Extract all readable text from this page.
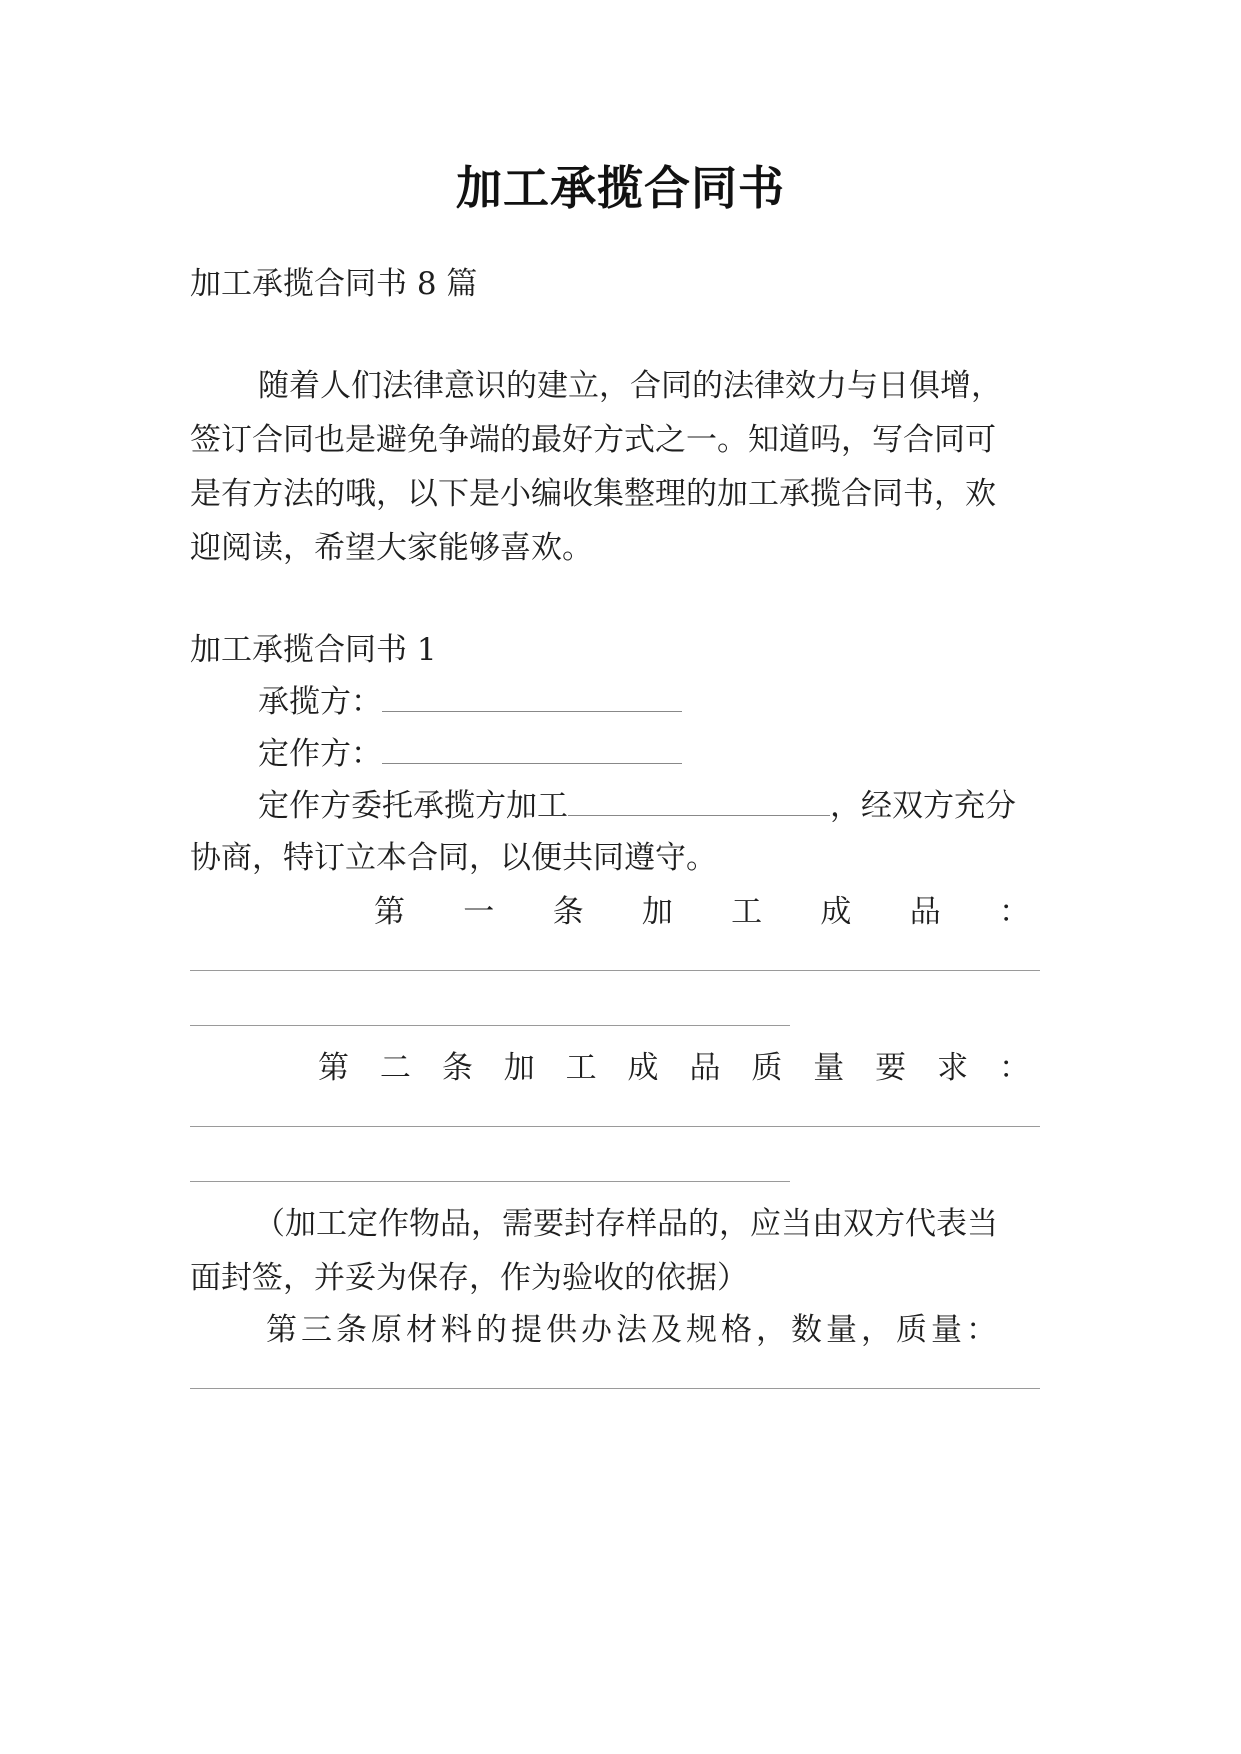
加工承揽合同书
加工承揽合同书 8 篇
随着人们法律意识的建立，合同的法律效力与日俱增，
签订合同也是避免争端的最好方式之一。知道吗，写合同可
是有方法的哦，以下是小编收集整理的加工承揽合同书，欢
迎阅读，希望大家能够喜欢。
加工承揽合同书 1
承揽方：
定作方：
定作方委托承揽方加工	，经双方充分
协商，特订立本合同，以便共同遵守。
第 一 条 加 工 成 品 ：
第 二 条 加 工 成 品 质 量 要 求 ：
（加工定作物品，需要封存样品的，应当由双方代表当
面封签，并妥为保存，作为验收的依据）
第三条原材料的提供办法及规格，数量，质量：
